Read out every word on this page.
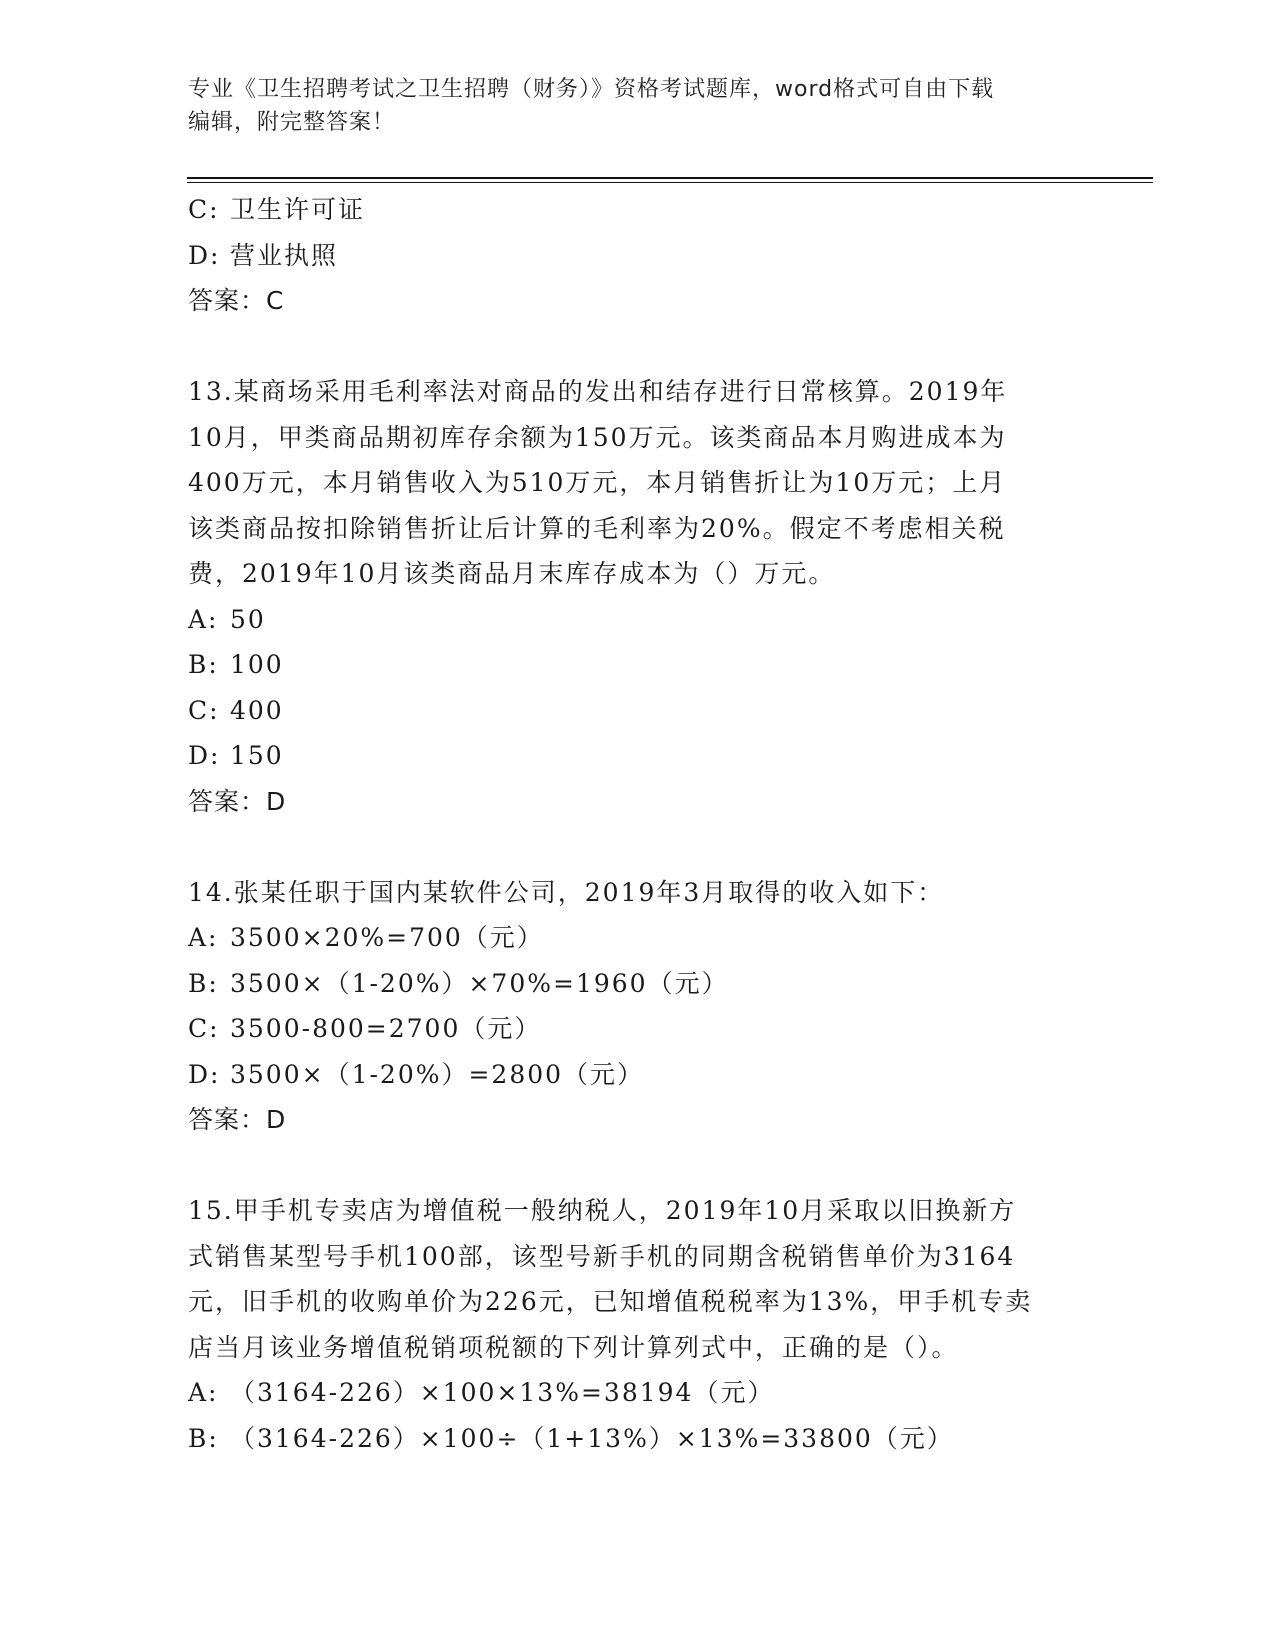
专业《卫生招聘考试之卫生招聘（财务）》资格考试题库，word格式可自由下载
编辑，附完整答案！
C: 卫生许可证
D: 营业执照
答案：C
13.某商场采用毛利率法对商品的发出和结存进行日常核算。2019年
10月，甲类商品期初库存余额为150万元。该类商品本月购进成本为
400万元，本月销售收入为510万元，本月销售折让为10万元；上月
该类商品按扣除销售折让后计算的毛利率为20%。假定不考虑相关税
费，2019年10月该类商品月末库存成本为（）万元。
A: 50
B: 100
C: 400
D: 150
答案：D
14.张某任职于国内某软件公司，2019年3月取得的收入如下：
A: 3500×20%=700（元）
B: 3500×（1-20%）×70%=1960（元）
C: 3500-800=2700（元）
D: 3500×（1-20%）=2800（元）
答案：D
15.甲手机专卖店为增值税一般纳税人，2019年10月采取以旧换新方
式销售某型号手机100部，该型号新手机的同期含税销售单价为3164
元，旧手机的收购单价为226元，已知增值税税率为13%，甲手机专卖
店当月该业务增值税销项税额的下列计算列式中，正确的是（）。
A: （3164-226）×100×13%=38194（元）
B: （3164-226）×100÷（1+13%）×13%=33800（元）
